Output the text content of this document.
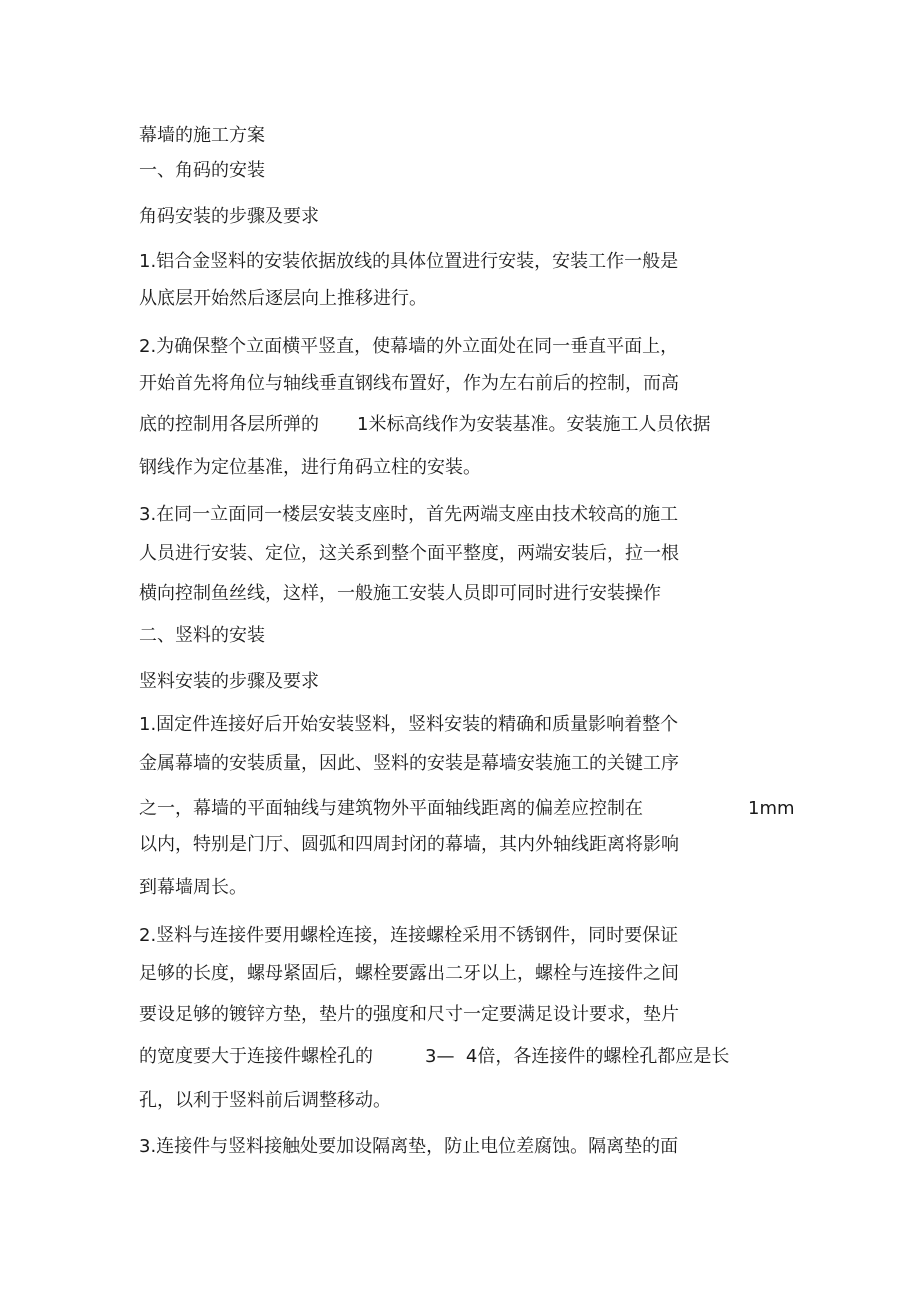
幕墙的施工方案
一、角码的安装
角码安装的步骤及要求
1.铝合金竖料的安装依据放线的具体位置进行安装，安装工作一般是
从底层开始然后逐层向上推移进行。
2.为确保整个立面横平竖直，使幕墙的外立面处在同一垂直平面上，
开始首先将角位与轴线垂直钢线布置好，作为左右前后的控制，而高
底的控制用各层所弹的 1米标高线作为安装基准。安装施工人员依据
钢线作为定位基准，进行角码立柱的安装。
3.在同一立面同一楼层安装支座时，首先两端支座由技术较高的施工
人员进行安装、定位，这关系到整个面平整度，两端安装后，拉一根
横向控制鱼丝线，这样，一般施工安装人员即可同时进行安装操作
二、竖料的安装
竖料安装的步骤及要求
1.固定件连接好后开始安装竖料，竖料安装的精确和质量影响着整个
金属幕墙的安装质量，因此、竖料的安装是幕墙安装施工的关键工序
之一，幕墙的平面轴线与建筑物外平面轴线距离的偏差应控制在	1mm
以内，特别是门厅、圆弧和四周封闭的幕墙，其内外轴线距离将影响
到幕墙周长。
2.竖料与连接件要用螺栓连接，连接螺栓采用不锈钢件，同时要保证
足够的长度，螺母紧固后，螺栓要露出二牙以上，螺栓与连接件之间
要设足够的镀锌方垫，垫片的强度和尺寸一定要满足设计要求，垫片
的宽度要大于连接件螺栓孔的	3—  4倍，各连接件的螺栓孔都应是长
孔，以利于竖料前后调整移动。
3.连接件与竖料接触处要加设隔离垫，防止电位差腐蚀。隔离垫的面
